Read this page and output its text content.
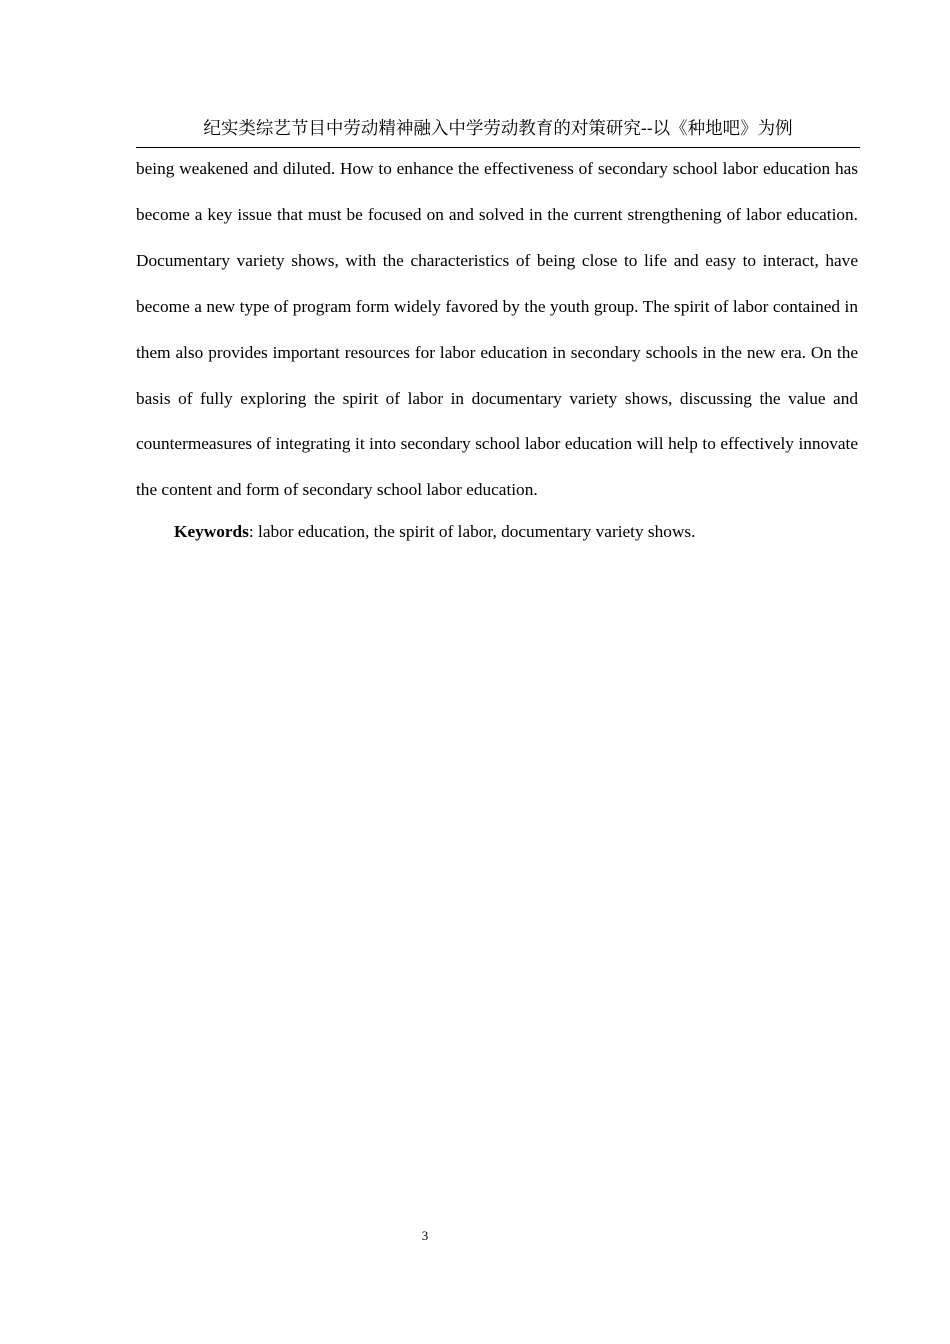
纪实类综艺节目中劳动精神融入中学劳动教育的对策研究--以《种地吧》为例

being weakened and diluted. How to enhance the effectiveness of secondary school labor education has become a key issue that must be focused on and solved in the current strengthening of labor education. Documentary variety shows, with the characteristics of being close to life and easy to interact, have become a new type of program form widely favored by the youth group. The spirit of labor contained in them also provides important resources for labor education in secondary schools in the new era. On the basis of fully exploring the spirit of labor in documentary variety shows, discussing the value and countermeasures of integrating it into secondary school labor education will help to effectively innovate the content and form of secondary school labor education.

Keywords: labor education, the spirit of labor, documentary variety shows.

3
